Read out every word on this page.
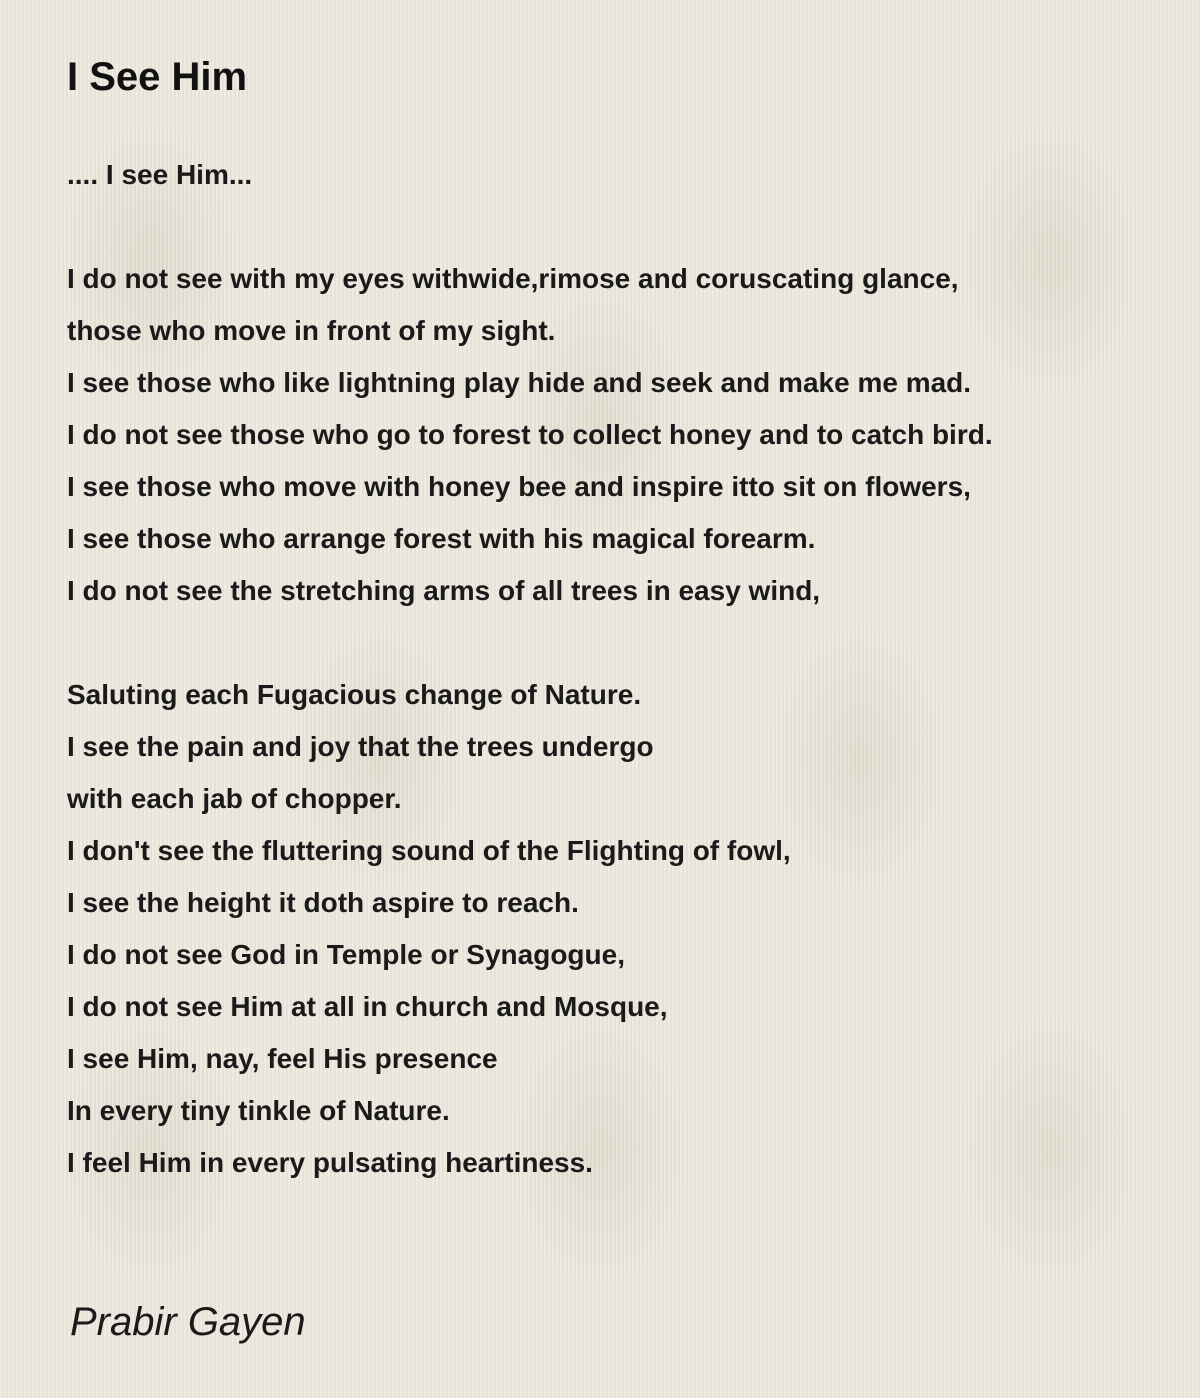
I See Him
.... I see Him...
I do not see with my eyes withwide,rimose and coruscating glance,
those who move in front of my sight.
I see those who like lightning play hide and seek and make me mad.
I do not see those who go to forest to collect honey and to catch bird.
I see those who move with honey bee and inspire itto sit on flowers,
I see those who arrange forest with his magical forearm.
I do not see the stretching arms of all trees in easy wind,
Saluting each Fugacious change of Nature.
I see the pain and joy that the trees undergo
with each jab of chopper.
I don't see the fluttering sound of the Flighting of fowl,
I see the height it doth aspire to reach.
I do not see God in Temple or Synagogue,
I do not see Him at all in church and Mosque,
I see Him, nay, feel His presence
In every tiny tinkle of Nature.
I feel Him in every pulsating heartiness.
Prabir Gayen
